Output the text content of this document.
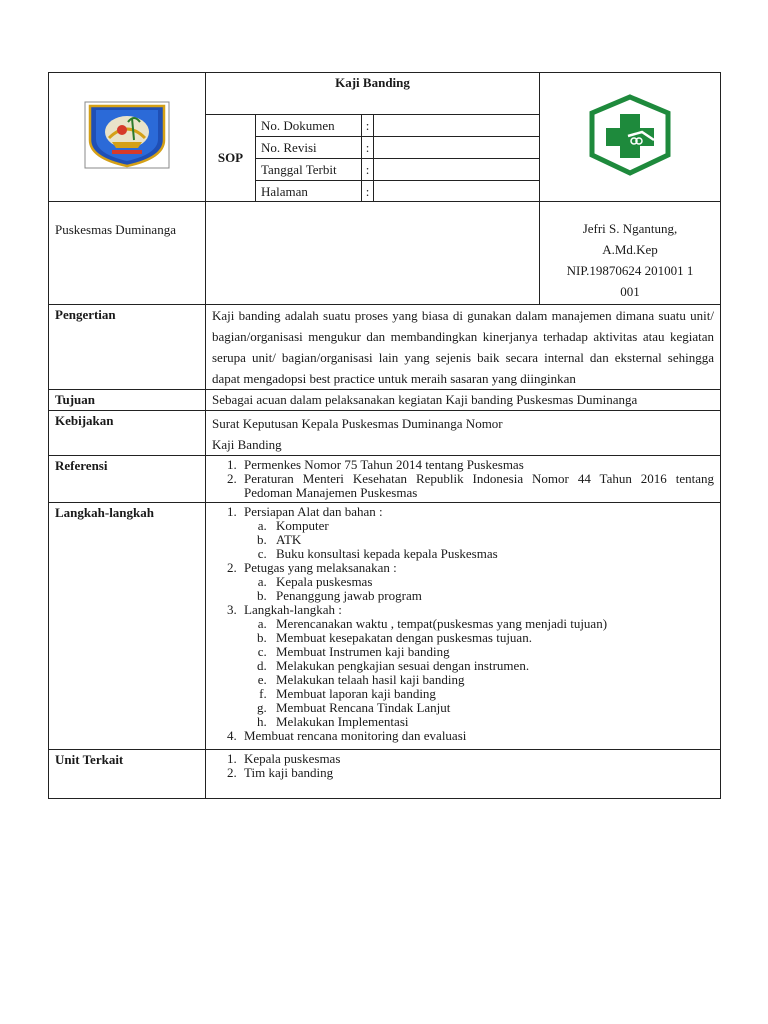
	Kaji Banding	

SOP
No. Dokumen	:	
No. Revisi	:	
Tanggal Terbit	:	
Halaman	:	

Puskesmas Duminanga		Jefri S. Ngantung,
A.Md.Kep
NIP.19870624 201001 1
001

Pengertian	Kaji banding adalah suatu proses yang biasa di gunakan dalam manajemen dimana suatu unit/ bagian/organisasi mengukur dan membandingkan kinerjanya terhadap aktivitas atau kegiatan serupa unit/ bagian/organisasi lain yang sejenis baik secara internal dan eksternal sehingga dapat mengadopsi best practice untuk meraih sasaran yang diinginkan
Tujuan	Sebagai acuan dalam pelaksanakan kegiatan Kaji banding Puskesmas Duminanga
Kebijakan	Surat Keputusan Kepala Puskesmas Duminanga Nomor
Kaji Banding

Referensi	
1.Permenkes Nomor 75 Tahun 2014 tentang Puskesmas
2. Peraturan Menteri Kesehatan Republik Indonesia Nomor 44 Tahun 2016 tentang Pedoman Manajemen Puskesmas

Langkah-langkah	
1.Persiapan Alat dan bahan :
a. Komputer
b. ATK
c. Buku konsultasi kepada kepala Puskesmas
2. Petugas yang melaksanakan :
a. Kepala puskesmas
b. Penanggung jawab program
3. Langkah-langkah :
a. Merencanakan waktu , tempat(puskesmas yang menjadi tujuan)
b. Membuat kesepakatan dengan puskesmas tujuan.
c. Membuat Instrumen kaji banding
d. Melakukan pengkajian sesuai dengan instrumen.
e. Melakukan telaah hasil kaji banding
f. Membuat laporan kaji banding
g. Membuat Rencana Tindak Lanjut
h. Melakukan Implementasi
4. Membuat rencana monitoring dan evaluasi

Unit Terkait	
1.Kepala puskesmas
2. Tim kaji banding
